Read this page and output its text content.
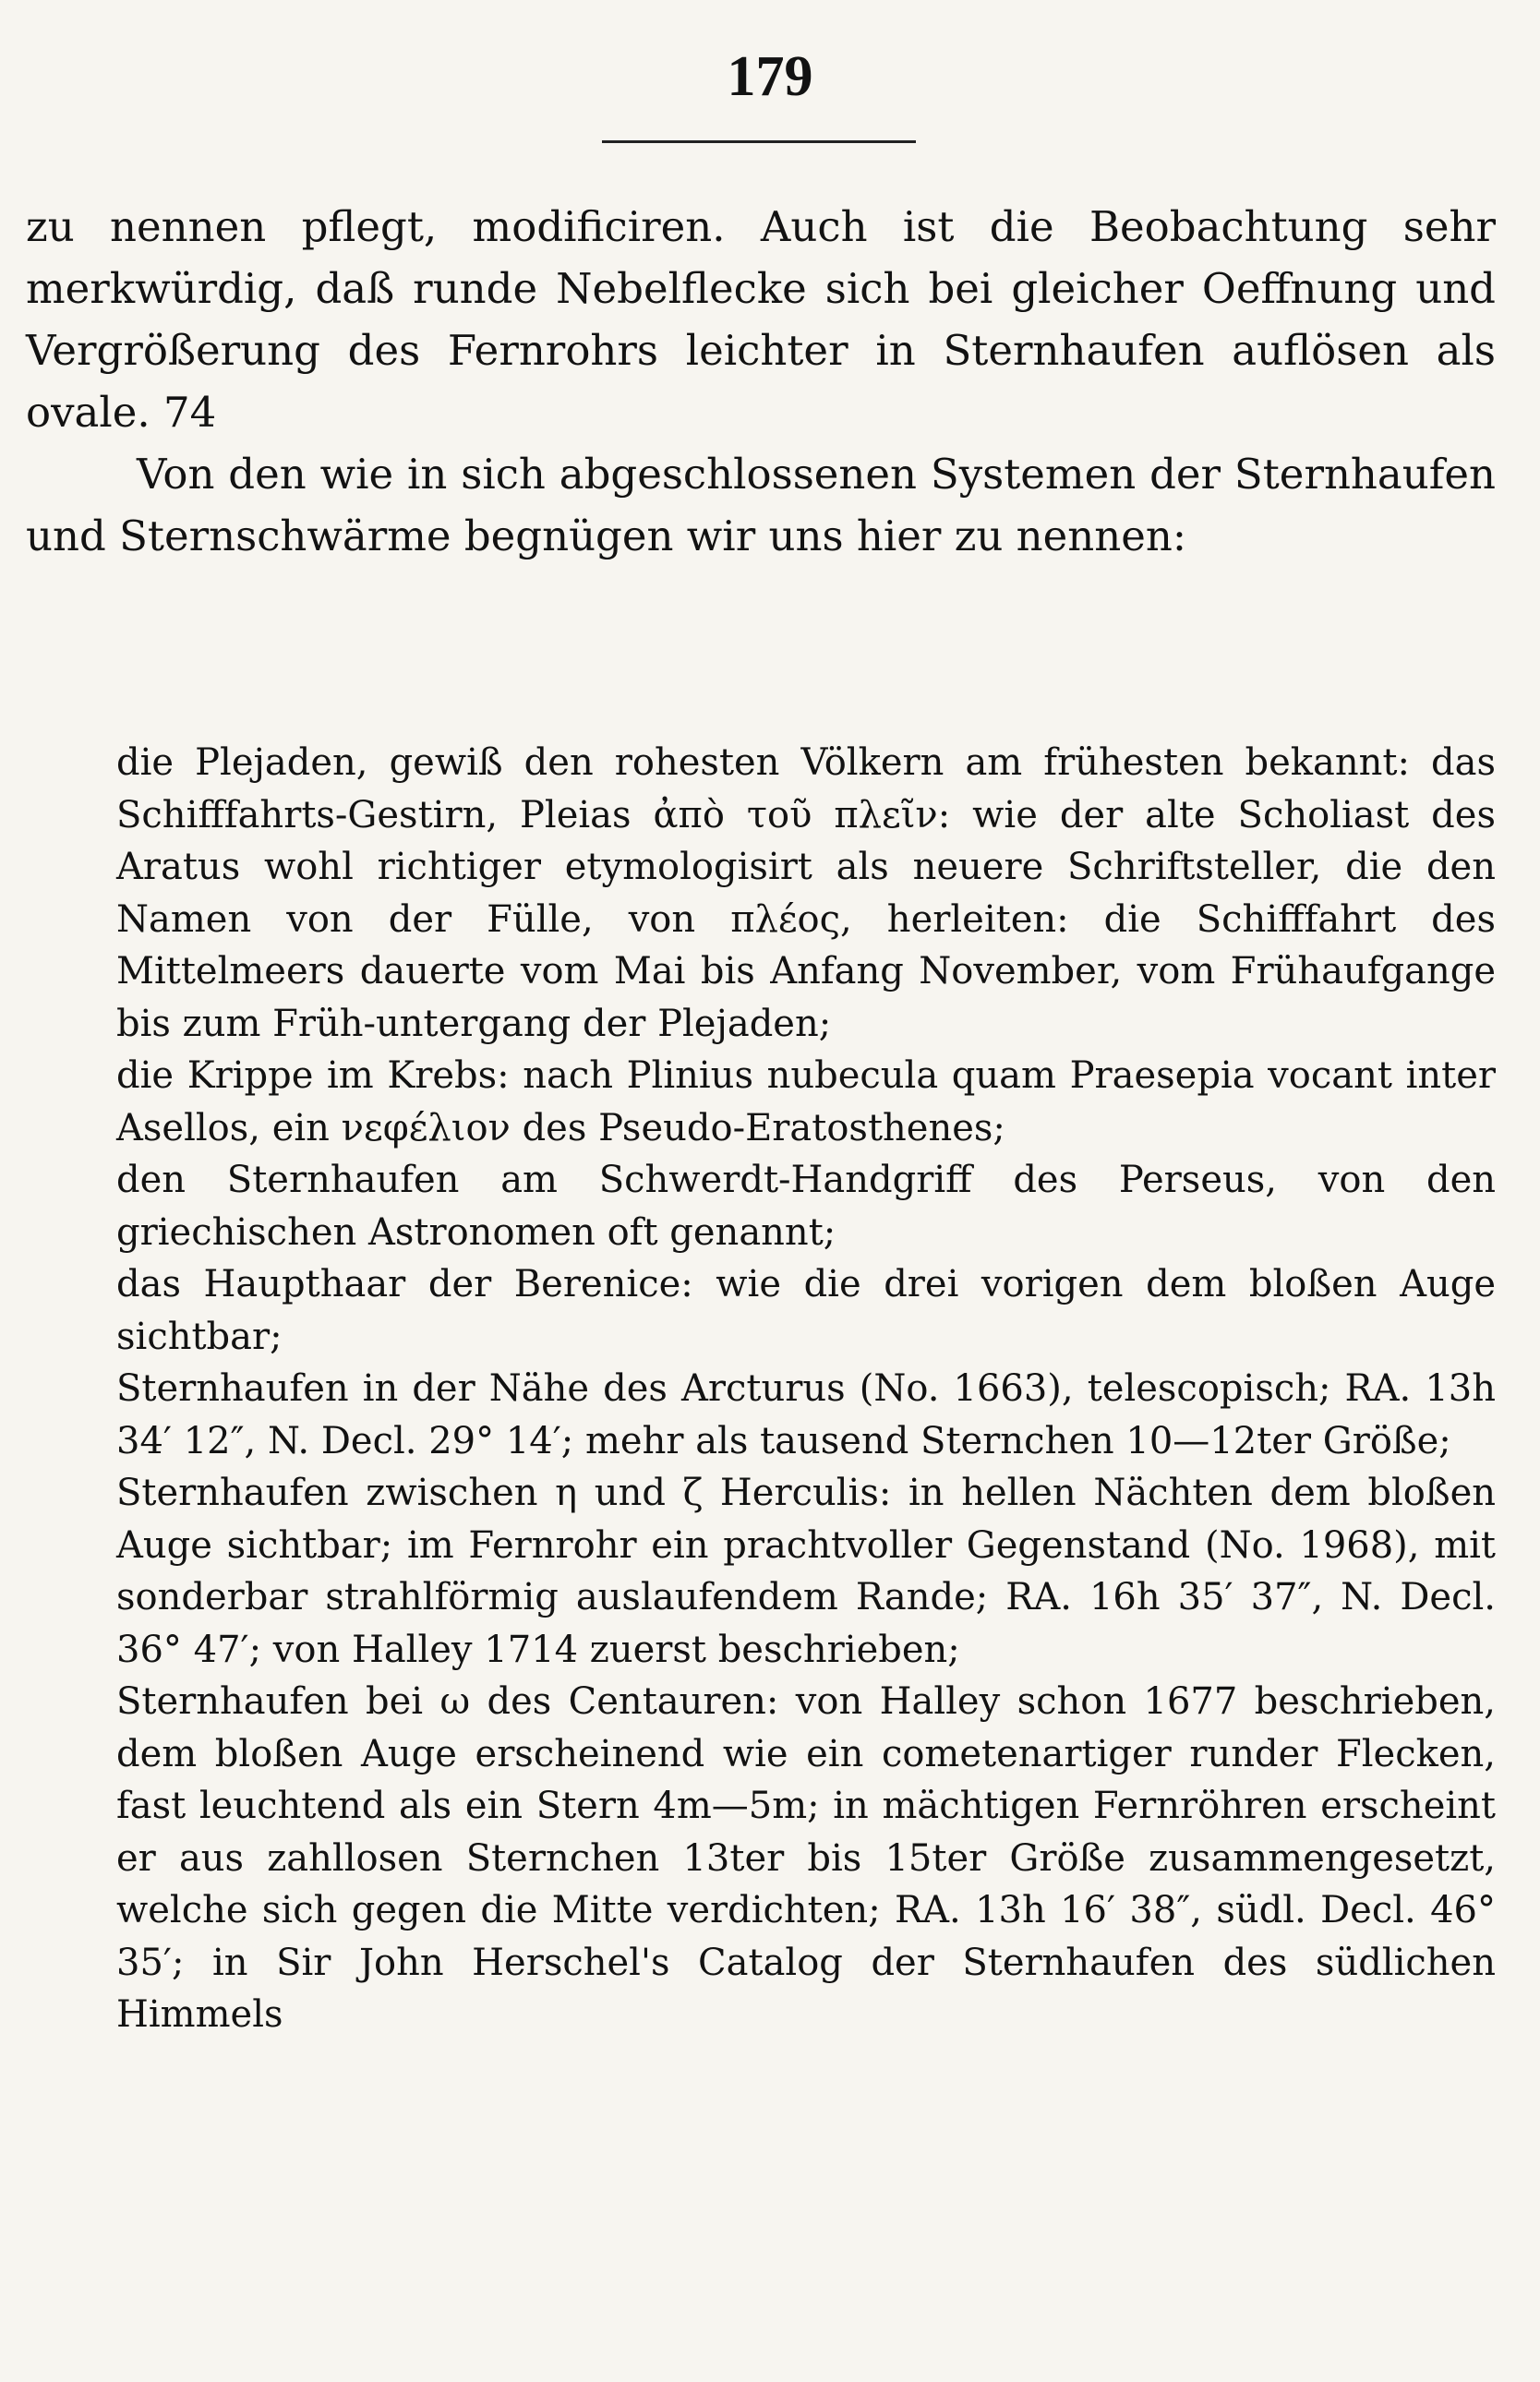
179

zu nennen pflegt, modificiren. Auch ist die Beobachtung sehr merkwürdig, daß runde Nebelflecke sich bei gleicher Oeffnung und Vergrößerung des Fernrohrs leichter in Sternhaufen auflösen als ovale. 74

Von den wie in sich abgeschlossenen Systemen der Sternhaufen und Sternschwärme begnügen wir uns hier zu nennen:

die Plejaden, gewiß den rohesten Völkern am frühesten bekannt: das Schifffahrts-Gestirn, Pleias ἀπὸ τοῦ πλεῖν: wie der alte Scholiast des Aratus wohl richtiger etymologisirt als neuere Schriftsteller, die den Namen von der Fülle, von πλέος, herleiten: die Schifffahrt des Mittelmeers dauerte vom Mai bis Anfang November, vom Frühaufgange bis zum Früh-untergang der Plejaden;

die Krippe im Krebs: nach Plinius nubecula quam Praesepia vocant inter Asellos, ein νεφέλιον des Pseudo-Eratosthenes;

den Sternhaufen am Schwerdt-Handgriff des Perseus, von den griechischen Astronomen oft genannt;

das Haupthaar der Berenice: wie die drei vorigen dem bloßen Auge sichtbar;

Sternhaufen in der Nähe des Arcturus (No. 1663), telescopisch; RA. 13h 34′ 12″, N. Decl. 29° 14′; mehr als tausend Sternchen 10—12ter Größe;

Sternhaufen zwischen η und ζ Herculis: in hellen Nächten dem bloßen Auge sichtbar; im Fernrohr ein prachtvoller Gegenstand (No. 1968), mit sonderbar strahlförmig auslaufendem Rande; RA. 16h 35′ 37″, N. Decl. 36° 47′; von Halley 1714 zuerst beschrieben;

Sternhaufen bei ω des Centauren: von Halley schon 1677 beschrieben, dem bloßen Auge erscheinend wie ein cometenartiger runder Flecken, fast leuchtend als ein Stern 4m—5m; in mächtigen Fernröhren erscheint er aus zahllosen Sternchen 13ter bis 15ter Größe zusammengesetzt, welche sich gegen die Mitte verdichten; RA. 13h 16′ 38″, südl. Decl. 46° 35′; in Sir John Herschel's Catalog der Sternhaufen des südlichen Himmels
